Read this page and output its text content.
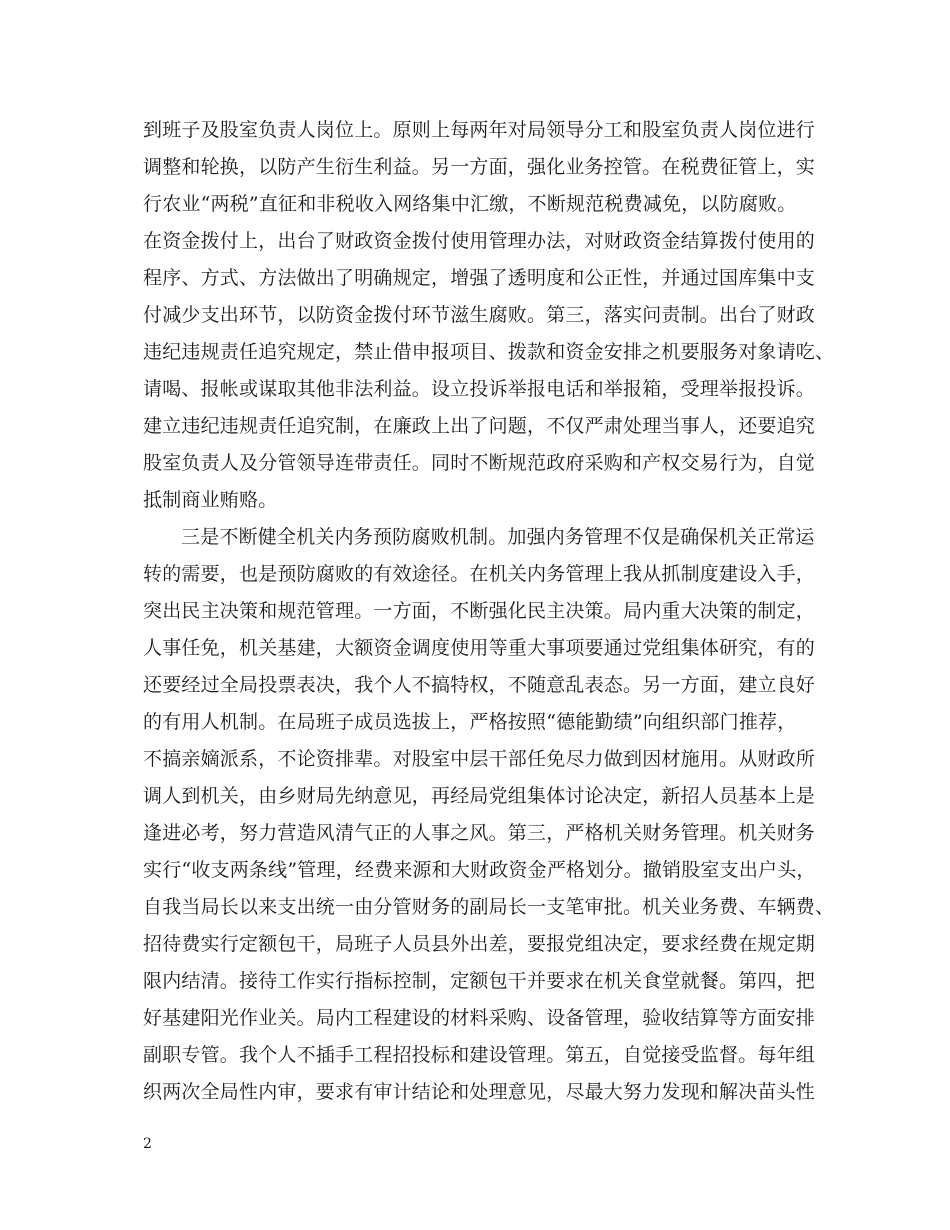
到班子及股室负责人岗位上。原则上每两年对局领导分工和股室负责人岗位进行
调整和轮换，以防产生衍生利益。另一方面，强化业务控管。在税费征管上，实
行农业“两税”直征和非税收入网络集中汇缴，不断规范税费减免，以防腐败。
在资金拨付上，出台了财政资金拨付使用管理办法，对财政资金结算拨付使用的
程序、方式、方法做出了明确规定，增强了透明度和公正性，并通过国库集中支
付减少支出环节，以防资金拨付环节滋生腐败。第三，落实问责制。出台了财政
违纪违规责任追究规定，禁止借申报项目、拨款和资金安排之机要服务对象请吃、
请喝、报帐或谋取其他非法利益。设立投诉举报电话和举报箱，受理举报投诉。
建立违纪违规责任追究制，在廉政上出了问题，不仅严肃处理当事人，还要追究
股室负责人及分管领导连带责任。同时不断规范政府采购和产权交易行为，自觉
抵制商业贿赂。
三是不断健全机关内务预防腐败机制。加强内务管理不仅是确保机关正常运
转的需要，也是预防腐败的有效途径。在机关内务管理上我从抓制度建设入手，
突出民主决策和规范管理。一方面，不断强化民主决策。局内重大决策的制定，
人事任免，机关基建，大额资金调度使用等重大事项要通过党组集体研究，有的
还要经过全局投票表决，我个人不搞特权，不随意乱表态。另一方面，建立良好
的有用人机制。在局班子成员选拔上，严格按照“德能勤绩”向组织部门推荐，
不搞亲嫡派系，不论资排辈。对股室中层干部任免尽力做到因材施用。从财政所
调人到机关，由乡财局先纳意见，再经局党组集体讨论决定，新招人员基本上是
逢进必考，努力营造风清气正的人事之风。第三，严格机关财务管理。机关财务
实行“收支两条线”管理，经费来源和大财政资金严格划分。撤销股室支出户头，
自我当局长以来支出统一由分管财务的副局长一支笔审批。机关业务费、车辆费、
招待费实行定额包干，局班子人员县外出差，要报党组决定，要求经费在规定期
限内结清。接待工作实行指标控制，定额包干并要求在机关食堂就餐。第四，把
好基建阳光作业关。局内工程建设的材料采购、设备管理，验收结算等方面安排
副职专管。我个人不插手工程招投标和建设管理。第五，自觉接受监督。每年组
织两次全局性内审，要求有审计结论和处理意见，尽最大努力发现和解决苗头性
2
